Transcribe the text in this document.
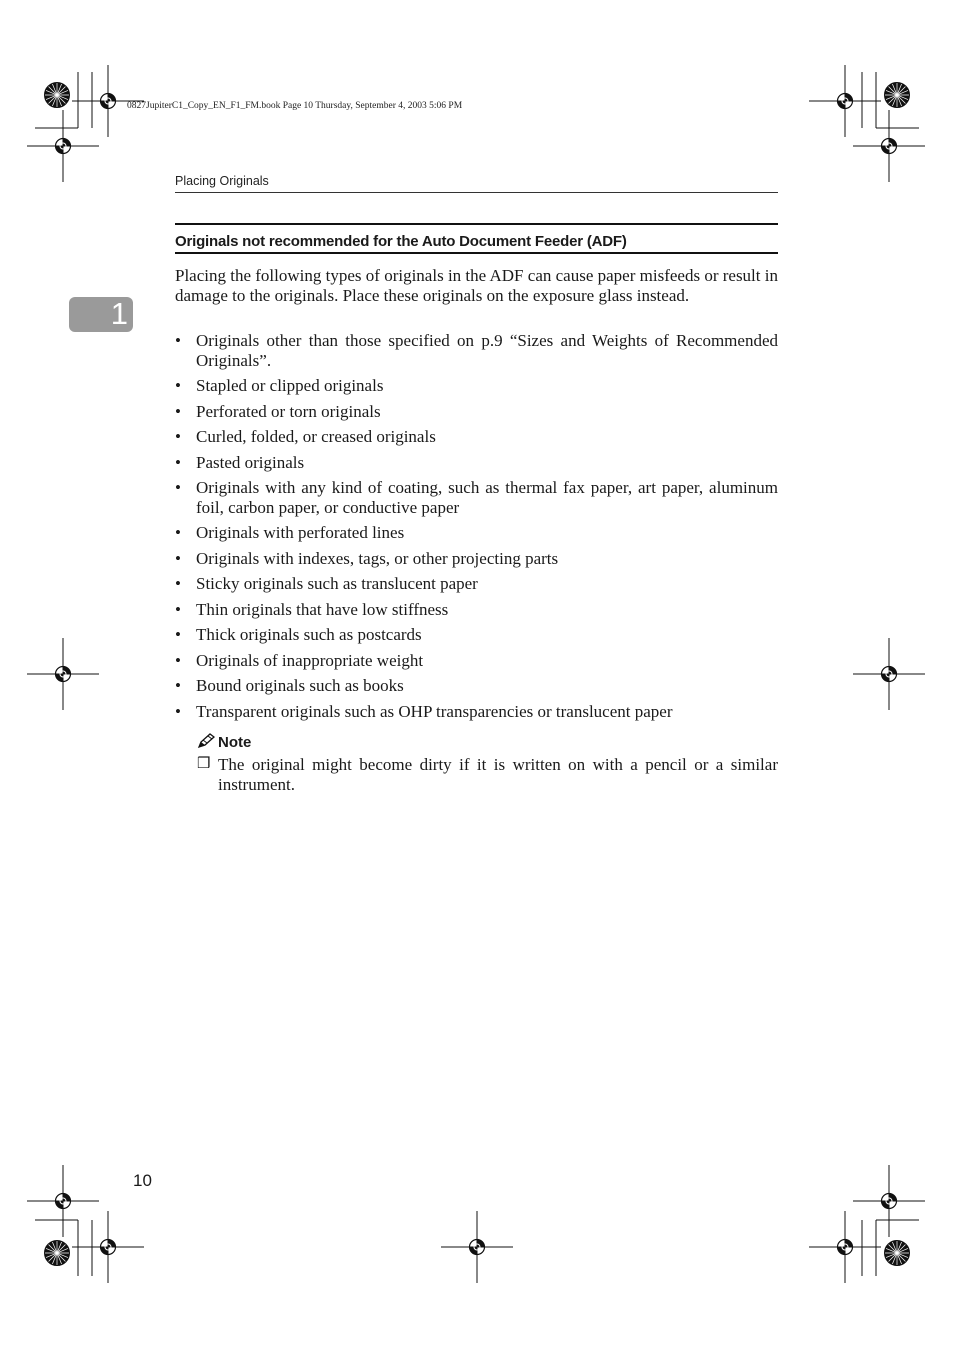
0827JupiterC1_Copy_EN_F1_FM.book Page 10 Thursday, September 4, 2003 5:06 PM
Placing Originals
1
Originals not recommended for the Auto Document Feeder (ADF)

Placing the following types of originals in the ADF can cause paper misfeeds or result in damage to the originals. Place these originals on the exposure glass instead.

• Originals other than those specified on p.9 “Sizes and Weights of Recommended Originals”.
• Stapled or clipped originals
• Perforated or torn originals
• Curled, folded, or creased originals
• Pasted originals
• Originals with any kind of coating, such as thermal fax paper, art paper, aluminum foil, carbon paper, or conductive paper
• Originals with perforated lines
• Originals with indexes, tags, or other projecting parts
• Sticky originals such as translucent paper
• Thin originals that have low stiffness
• Thick originals such as postcards
• Originals of inappropriate weight
• Bound originals such as books
• Transparent originals such as OHP transparencies or translucent paper
Note
❒ The original might become dirty if it is written on with a pencil or a similar instrument.
10
